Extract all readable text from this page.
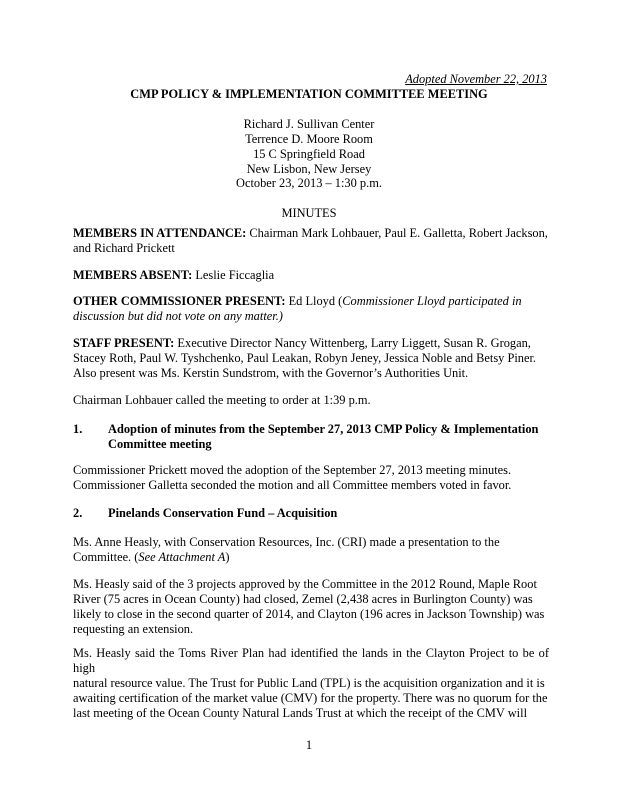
Adopted November 22, 2013
CMP POLICY & IMPLEMENTATION COMMITTEE MEETING
Richard J. Sullivan Center
Terrence D. Moore Room
15 C Springfield Road
New Lisbon, New Jersey
October 23, 2013 – 1:30 p.m.
MINUTES
MEMBERS IN ATTENDANCE: Chairman Mark Lohbauer, Paul E. Galletta, Robert Jackson,
and Richard Prickett
MEMBERS ABSENT: Leslie Ficcaglia
OTHER COMMISSIONER PRESENT: Ed Lloyd (Commissioner Lloyd participated in
discussion but did not vote on any matter.)
STAFF PRESENT: Executive Director Nancy Wittenberg, Larry Liggett, Susan R. Grogan,
Stacey Roth, Paul W. Tyshchenko, Paul Leakan, Robyn Jeney, Jessica Noble and Betsy Piner.
Also present was Ms. Kerstin Sundstrom, with the Governor’s Authorities Unit.
Chairman Lohbauer called the meeting to order at 1:39 p.m.
1. Adoption of minutes from the September 27, 2013 CMP Policy & Implementation
Committee meeting
Commissioner Prickett moved the adoption of the September 27, 2013 meeting minutes.
Commissioner Galletta seconded the motion and all Committee members voted in favor.
2. Pinelands Conservation Fund – Acquisition
Ms. Anne Heasly, with Conservation Resources, Inc. (CRI) made a presentation to the
Committee. (See Attachment A)
Ms. Heasly said of the 3 projects approved by the Committee in the 2012 Round, Maple Root
River (75 acres in Ocean County) had closed, Zemel (2,438 acres in Burlington County) was
likely to close in the second quarter of 2014, and Clayton (196 acres in Jackson Township) was
requesting an extension.
Ms. Heasly said the Toms River Plan had identified the lands in the Clayton Project to be of high
natural resource value. The Trust for Public Land (TPL) is the acquisition organization and it is
awaiting certification of the market value (CMV) for the property. There was no quorum for the
last meeting of the Ocean County Natural Lands Trust at which the receipt of the CMV will
1
